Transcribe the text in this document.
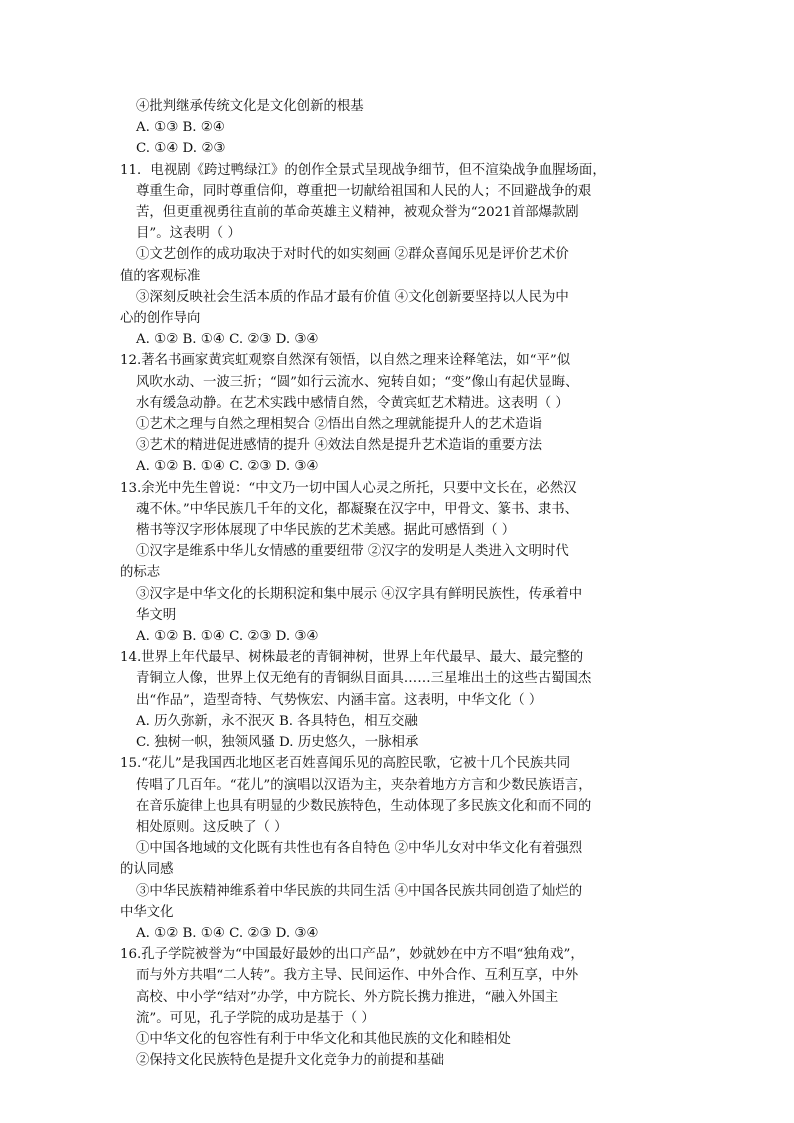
④批判继承传统文化是文化创新的根基
A. ①③ B. ②④
C. ①④ D. ②③
11．电视剧《跨过鸭绿江》的创作全景式呈现战争细节，但不渲染战争血腥场面，
尊重生命，同时尊重信仰，尊重把一切献给祖国和人民的人；不回避战争的艰
苦，但更重视勇往直前的革命英雄主义精神，被观众誉为“2021首部爆款剧
目”。这表明（ ）
①文艺创作的成功取决于对时代的如实刻画 ②群众喜闻乐见是评价艺术价
值的客观标准
③深刻反映社会生活本质的作品才最有价值 ④文化创新要坚持以人民为中
心的创作导向
A. ①② B. ①④ C. ②③ D. ③④
12.著名书画家黄宾虹观察自然深有领悟，以自然之理来诠释笔法，如“平”似
风吹水动、一波三折；“圆”如行云流水、宛转自如；“变”像山有起伏显晦、
水有缓急动静。在艺术实践中感情自然，令黄宾虹艺术精进。这表明（ ）
①艺术之理与自然之理相契合 ②悟出自然之理就能提升人的艺术造诣
③艺术的精进促进感情的提升 ④效法自然是提升艺术造诣的重要方法
A. ①② B. ①④ C. ②③ D. ③④
13.余光中先生曾说：“中文乃一切中国人心灵之所托，只要中文长在，必然汉
魂不休。”中华民族几千年的文化，都凝聚在汉字中，甲骨文、篆书、隶书、
楷书等汉字形体展现了中华民族的艺术美感。据此可感悟到（ ）
①汉字是维系中华儿女情感的重要纽带 ②汉字的发明是人类进入文明时代
的标志
③汉字是中华文化的长期积淀和集中展示 ④汉字具有鲜明民族性，传承着中
华文明
A. ①② B. ①④ C. ②③ D. ③④
14.世界上年代最早、树株最老的青铜神树，世界上年代最早、最大、最完整的
青铜立人像，世界上仅无绝有的青铜纵目面具……三星堆出土的这些古蜀国杰
出“作品”，造型奇特、气势恢宏、内涵丰富。这表明，中华文化（ ）
A. 历久弥新，永不泯灭 B. 各具特色，相互交融
C. 独树一帜，独领风骚 D. 历史悠久，一脉相承
15.“花儿”是我国西北地区老百姓喜闻乐见的高腔民歌，它被十几个民族共同
传唱了几百年。“花儿”的演唱以汉语为主，夹杂着地方方言和少数民族语言，
在音乐旋律上也具有明显的少数民族特色，生动体现了多民族文化和而不同的
相处原则。这反映了（ ）
①中国各地域的文化既有共性也有各自特色 ②中华儿女对中华文化有着强烈
的认同感
③中华民族精神维系着中华民族的共同生活 ④中国各民族共同创造了灿烂的
中华文化
A. ①② B. ①④ C. ②③ D. ③④
16.孔子学院被誉为“中国最好最妙的出口产品”，妙就妙在中方不唱“独角戏”，
而与外方共唱“二人转”。我方主导、民间运作、中外合作、互利互享，中外
高校、中小学“结对”办学，中方院长、外方院长携力推进，“融入外国主
流”。可见，孔子学院的成功是基于（ ）
①中华文化的包容性有利于中华文化和其他民族的文化和睦相处
②保持文化民族特色是提升文化竞争力的前提和基础
